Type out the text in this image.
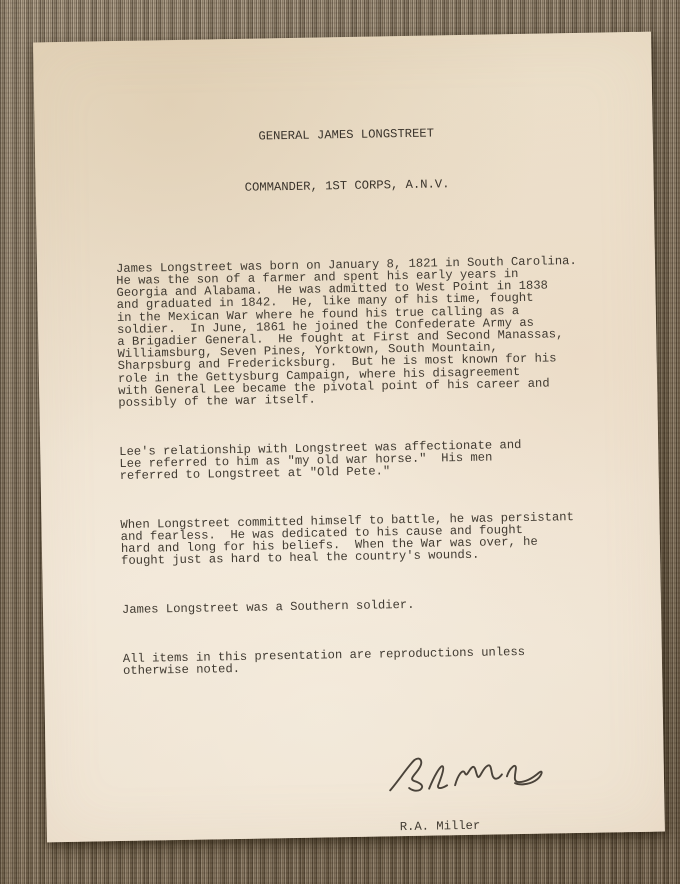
GENERAL JAMES LONGSTREET

COMMANDER, 1ST CORPS, A.N.V.

James Longstreet was born on January 8, 1821 in South Carolina.
He was the son of a farmer and spent his early years in
Georgia and Alabama.  He was admitted to West Point in 1838
and graduated in 1842.  He, like many of his time, fought
in the Mexican War where he found his true calling as a
soldier.  In June, 1861 he joined the Confederate Army as
a Brigadier General.  He fought at First and Second Manassas,
Williamsburg, Seven Pines, Yorktown, South Mountain,
Sharpsburg and Fredericksburg.  But he is most known for his
role in the Gettysburg Campaign, where his disagreement
with General Lee became the pivotal point of his career and
possibly of the war itself.

Lee's relationship with Longstreet was affectionate and
Lee referred to him as "my old war horse."  His men
referred to Longstreet at "Old Pete."

When Longstreet committed himself to battle, he was persistant
and fearless.  He was dedicated to his cause and fought
hard and long for his beliefs.  When the War was over, he
fought just as hard to heal the country's wounds.

James Longstreet was a Southern soldier.

All items in this presentation are reproductions unless
otherwise noted.

R.A. Miller
